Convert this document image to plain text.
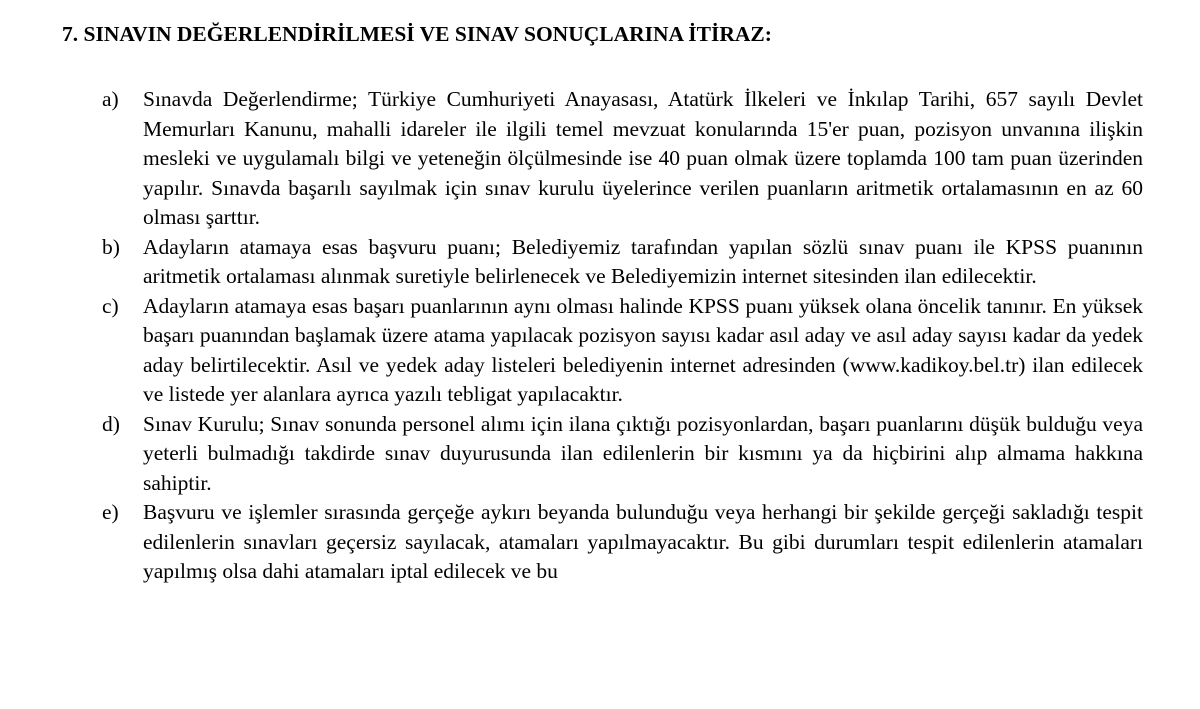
7. SINAVIN DEĞERLENDİRİLMESİ VE SINAV SONUÇLARINA İTİRAZ:
a) Sınavda Değerlendirme; Türkiye Cumhuriyeti Anayasası, Atatürk İlkeleri ve İnkılap Tarihi, 657 sayılı Devlet Memurları Kanunu, mahalli idareler ile ilgili temel mevzuat konularında 15'er puan, pozisyon unvanına ilişkin mesleki ve uygulamalı bilgi ve yeteneğin ölçülmesinde ise 40 puan olmak üzere toplamda 100 tam puan üzerinden yapılır. Sınavda başarılı sayılmak için sınav kurulu üyelerince verilen puanların aritmetik ortalamasının en az 60 olması şarttır.
b) Adayların atamaya esas başvuru puanı; Belediyemiz tarafından yapılan sözlü sınav puanı ile KPSS puanının aritmetik ortalaması alınmak suretiyle belirlenecek ve Belediyemizin internet sitesinden ilan edilecektir.
c) Adayların atamaya esas başarı puanlarının aynı olması halinde KPSS puanı yüksek olana öncelik tanınır. En yüksek başarı puanından başlamak üzere atama yapılacak pozisyon sayısı kadar asıl aday ve asıl aday sayısı kadar da yedek aday belirtilecektir. Asıl ve yedek aday listeleri belediyenin internet adresinden (www.kadikoy.bel.tr) ilan edilecek ve listede yer alanlara ayrıca yazılı tebligat yapılacaktır.
d) Sınav Kurulu; Sınav sonunda personel alımı için ilana çıktığı pozisyonlardan, başarı puanlarını düşük bulduğu veya yeterli bulmadığı takdirde sınav duyurusunda ilan edilenlerin bir kısmını ya da hiçbirini alıp almama hakkına sahiptir.
e) Başvuru ve işlemler sırasında gerçeğe aykırı beyanda bulunduğu veya herhangi bir şekilde gerçeği sakladığı tespit edilenlerin sınavları geçersiz sayılacak, atamaları yapılmayacaktır. Bu gibi durumları tespit edilenlerin atamaları yapılmış olsa dahi atamaları iptal edilecek ve bu
